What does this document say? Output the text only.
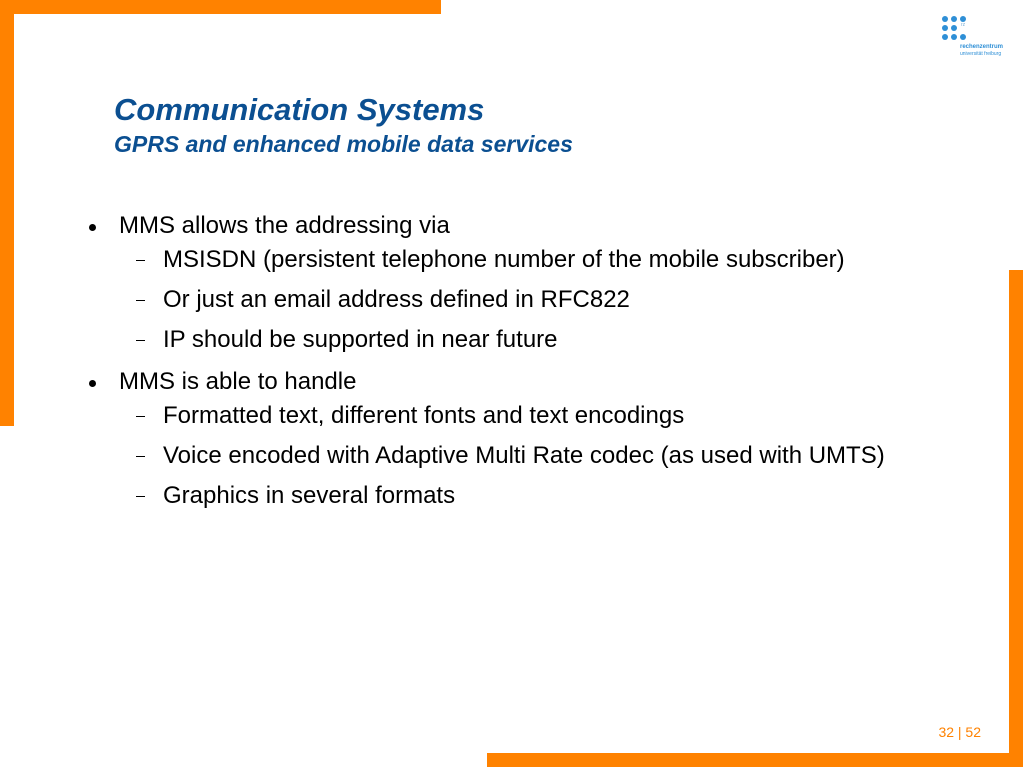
rz
rechenzentrum
universität freiburg
Communication Systems
GPRS and enhanced mobile data services
MMS allows the addressing via
MSISDN (persistent telephone number of the mobile subscriber)
Or just an email address defined in RFC822
IP should be supported in near future
MMS is able to handle
Formatted text, different fonts and text encodings
Voice encoded with Adaptive Multi Rate codec (as used with UMTS)
Graphics in several formats
32 | 52
